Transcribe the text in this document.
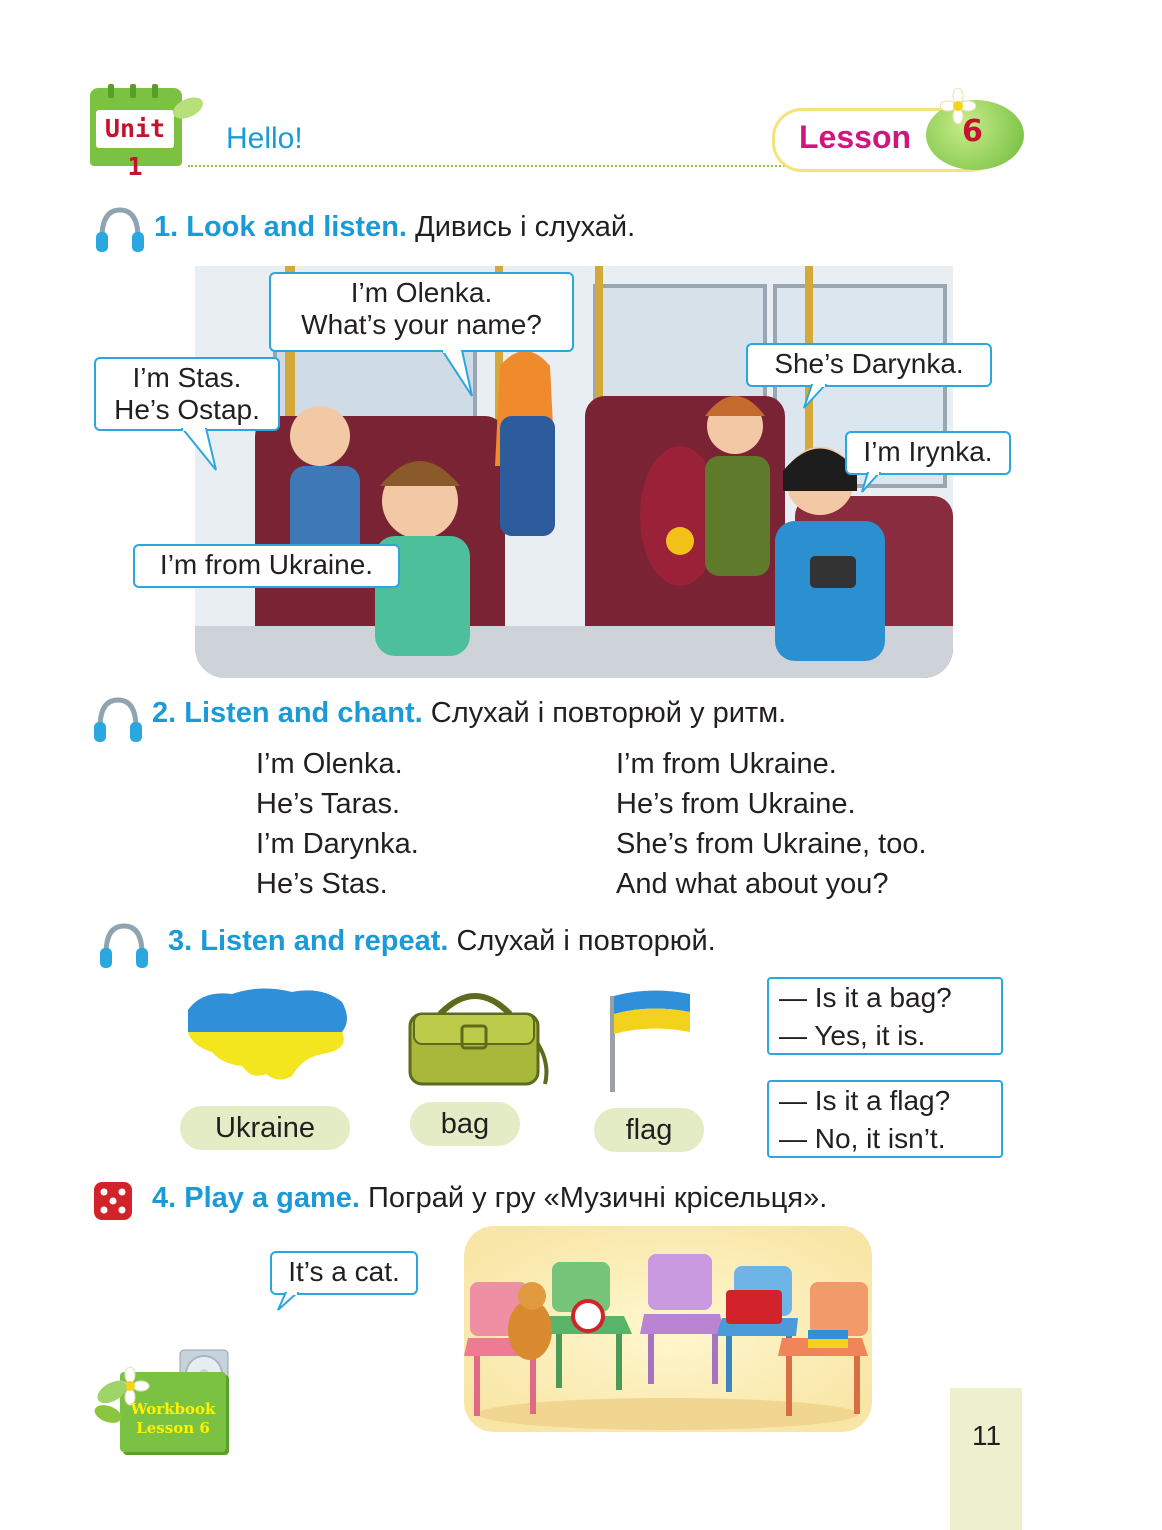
Unit 1
Hello!	Lesson 6
1. Look and listen. Дивись і слухай.
I’m Olenka.
What’s your name?
I’m Stas.
He’s Ostap.
She’s Darynka.
I’m Irynka.
I’m from Ukraine.
2. Listen and chant. Слухай і повторюй у ритм.
I’m Olenka.
He’s Taras.
I’m Darynka.
He’s Stas.
I’m from Ukraine.
He’s from Ukraine.
She’s from Ukraine, too.
And what about you?
3. Listen and repeat. Слухай і повторюй.
Ukraine	bag	flag
— Is it a bag?
— Yes, it is.
— Is it a flag?
— No, it isn’t.
4. Play a game. Пограй у гру «Музичні крісельця».
It’s a cat.
Workbook
Lesson 6	11
